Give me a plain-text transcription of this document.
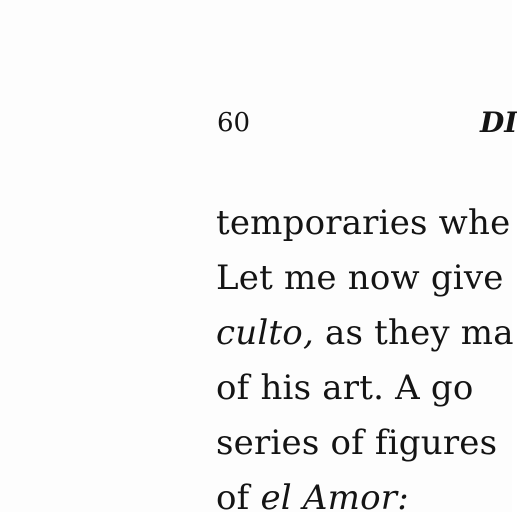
60	DI
temporaries whe
Let me now give
culto, as they ma
of his art. A go
series of figures
of el Amor:
